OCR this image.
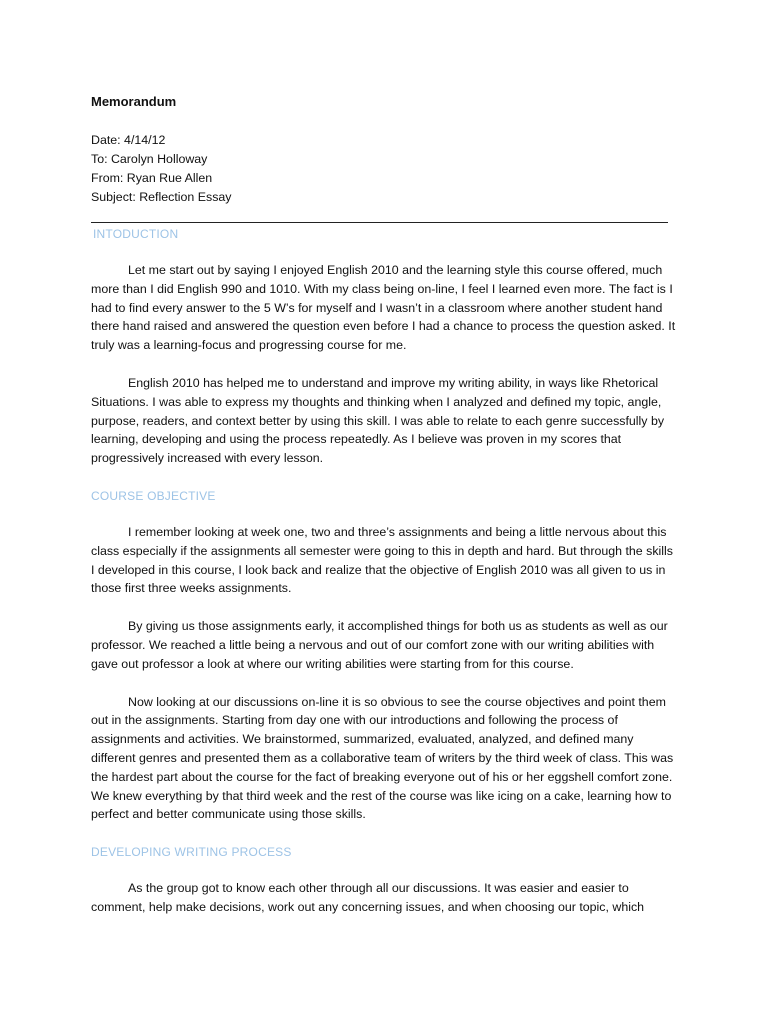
Memorandum

Date: 4/14/12

To: Carolyn Holloway

From: Ryan Rue Allen

Subject: Reflection Essay

INTODUCTION

Let me start out by saying I enjoyed English 2010 and the learning style this course offered, much more than I did English 990 and 1010. With my class being on-line, I feel I learned even more. The fact is I had to find every answer to the 5 W’s for myself and I wasn’t in a classroom where another student hand there hand raised and answered the question even before I had a chance to process the question asked. It truly was a learning-focus and progressing course for me.

English 2010 has helped me to understand and improve my writing ability, in ways like Rhetorical Situations. I was able to express my thoughts and thinking when I analyzed and defined my topic, angle, purpose, readers, and context better by using this skill. I was able to relate to each genre successfully by learning, developing and using the process repeatedly. As I believe was proven in my scores that progressively increased with every lesson.

COURSE OBJECTIVE

I remember looking at week one, two and three’s assignments and being a little nervous about this class especially if the assignments all semester were going to this in depth and hard. But through the skills I developed in this course, I look back and realize that the objective of English 2010 was all given to us in those first three weeks assignments.

By giving us those assignments early, it accomplished things for both us as students as well as our professor. We reached a little being a nervous and out of our comfort zone with our writing abilities with gave out professor a look at where our writing abilities were starting from for this course.

Now looking at our discussions on-line it is so obvious to see the course objectives and point them out in the assignments. Starting from day one with our introductions and following the process of assignments and activities. We brainstormed, summarized, evaluated, analyzed, and defined many different genres and presented them as a collaborative team of writers by the third week of class. This was the hardest part about the course for the fact of breaking everyone out of his or her eggshell comfort zone. We knew everything by that third week and the rest of the course was like icing on a cake, learning how to perfect and better communicate using those skills.

DEVELOPING WRITING PROCESS

As the group got to know each other through all our discussions. It was easier and easier to comment, help make decisions, work out any concerning issues, and when choosing our topic, which
